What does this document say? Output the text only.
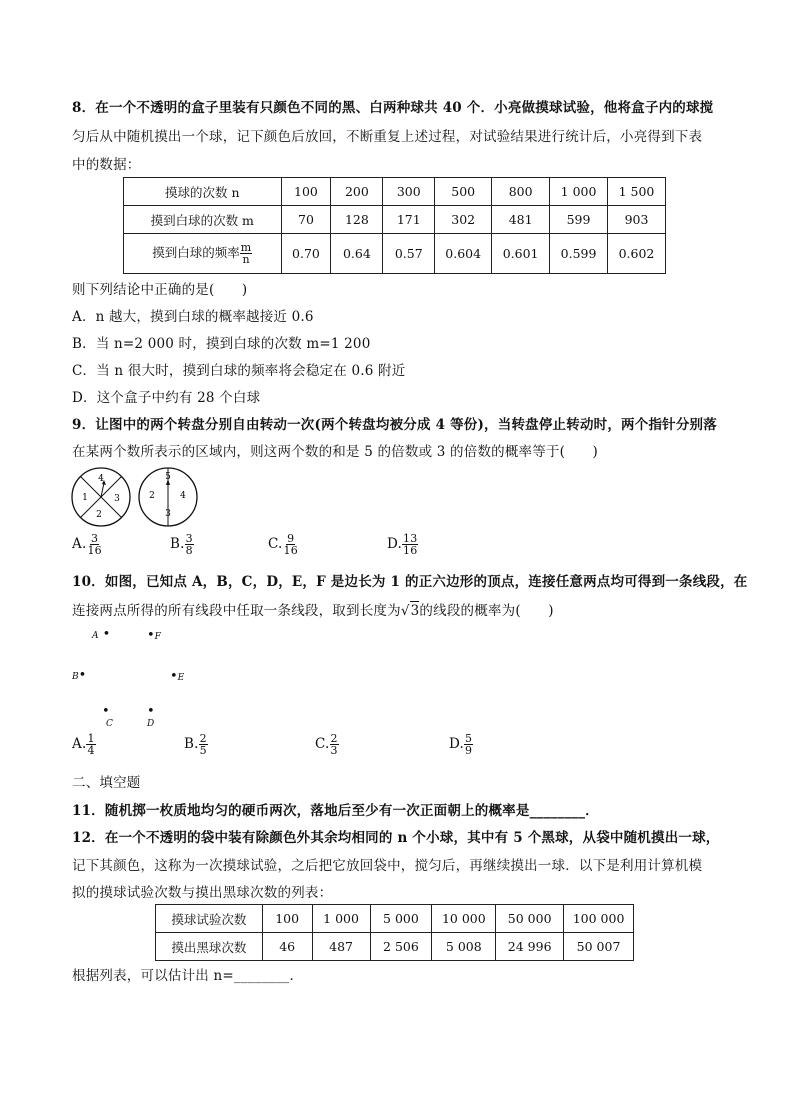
8．在一个不透明的盒子里装有只颜色不同的黑、白两种球共 40 个．小亮做摸球试验，他将盒子内的球搅
匀后从中随机摸出一个球，记下颜色后放回，不断重复上述过程，对试验结果进行统计后，小亮得到下表
中的数据：
摸球的次数 n	100	200	300	500	800	1 000	1 500
摸到白球的次数 m	70	128	171	302	481	599	903
摸到白球的频率 $\frac{m}{n}$	0.70	0.64	0.57	0.604	0.601	0.599	0.602
则下列结论中正确的是(　　)
A．n 越大，摸到白球的概率越接近 0.6
B．当 n=2 000 时，摸到白球的次数 m=1 200
C．当 n 很大时，摸到白球的频率将会稳定在 0.6 附近
D．这个盒子中约有 28 个白球
9．让图中的两个转盘分别自由转动一次(两个转盘均被分成 4 等份)，当转盘停止转动时，两个指针分别落
在某两个数所表示的区域内，则这两个数的和是 5 的倍数或 3 的倍数的概率等于(　　)
4
3
2
1
5
4
3
2
A. $\frac{3}{16}$	B. $\frac{3}{8}$	C. $\frac{9}{16}$	D. $\frac{13}{16}$
10．如图，已知点 A，B，C，D，E，F 是边长为 1 的正六边形的顶点，连接任意两点均可得到一条线段，在
连接两点所得的所有线段中任取一条线段，取到长度为√3的线段的概率为(　　)
A •	•F
B•	•E
•
C
•
D
A. $\frac{1}{4}$	B. $\frac{2}{5}$	C. $\frac{2}{3}$	D. $\frac{5}{9}$
二、填空题
11．随机掷一枚质地均匀的硬币两次，落地后至少有一次正面朝上的概率是________．
12．在一个不透明的袋中装有除颜色外其余均相同的 n 个小球，其中有 5 个黑球，从袋中随机摸出一球，
记下其颜色，这称为一次摸球试验，之后把它放回袋中，搅匀后，再继续摸出一球．以下是利用计算机模
拟的摸球试验次数与摸出黑球次数的列表：
摸球试验次数	100	1 000	5 000	10 000	50 000	100 000
摸出黑球次数	46	487	2 506	5 008	24 996	50 007
根据列表，可以估计出 n=________．
